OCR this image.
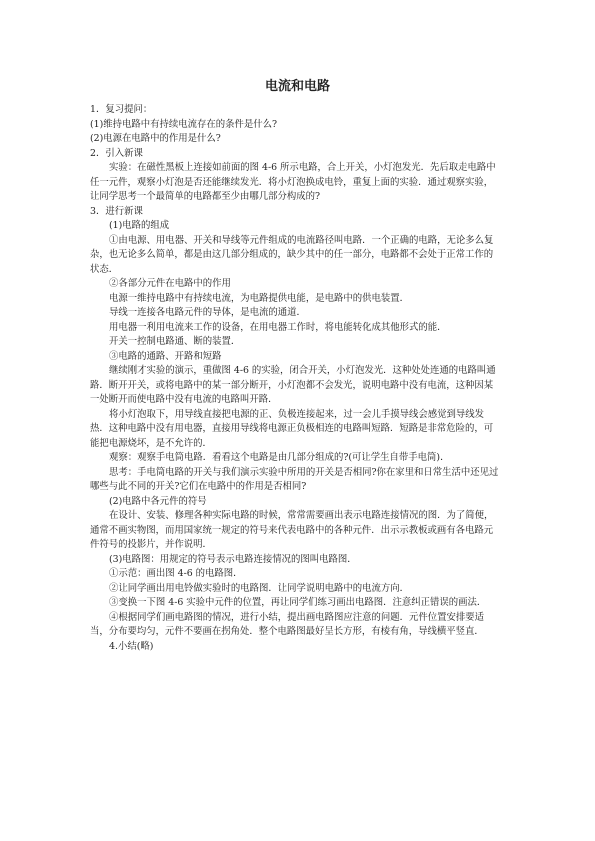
电流和电路

1．复习提问：

(1)维持电路中有持续电流存在的条件是什么?

(2)电源在电路中的作用是什么?

2．引入新课

实验：在磁性黑板上连接如前面的图 4-6 所示电路，合上开关，小灯泡发光．先后取走电路中任一元件，观察小灯泡是否还能继续发光．将小灯泡换成电铃，重复上面的实验．通过观察实验，让同学思考一个最简单的电路都至少由哪几部分构成的?

3．进行新课

(1)电路的组成

①由电源、用电器、开关和导线等元件组成的电流路径叫电路．一个正确的电路，无论多么复杂，也无论多么简单，都是由这几部分组成的，缺少其中的任一部分，电路都不会处于正常工作的状态．

②各部分元件在电路中的作用

电源一维持电路中有持续电流，为电路提供电能，是电路中的供电装置．

导线一连接各电路元件的导体，是电流的通道．

用电器一利用电流来工作的设备，在用电器工作时，将电能转化成其他形式的能．

开关一控制电路通、断的装置．

③电路的通路、开路和短路

继续刚才实验的演示，重做图 4-6 的实验，闭合开关，小灯泡发光．这种处处连通的电路叫通路．断开开关，或将电路中的某一部分断开，小灯泡都不会发光，说明电路中没有电流，这种因某一处断开而使电路中没有电流的电路叫开路．

将小灯泡取下，用导线直接把电源的正、负极连接起来，过一会儿手摸导线会感觉到导线发热．这种电路中没有用电器，直接用导线将电源正负极相连的电路叫短路．短路是非常危险的，可能把电源烧坏，是不允许的．

观察：观察手电筒电路．看看这个电路是由几部分组成的?(可让学生自带手电筒)．

思考：手电筒电路的开关与我们演示实验中所用的开关是否相同?你在家里和日常生活中还见过哪些与此不同的开关?它们在电路中的作用是否相同?

(2)电路中各元件的符号

在设计、安装、修理各种实际电路的时候，常常需要画出表示电路连接情况的图．为了简便，通常不画实物图，而用国家统一规定的符号来代表电路中的各种元件．出示示教板或画有各电路元件符号的投影片，并作说明．

(3)电路图：用规定的符号表示电路连接情况的图叫电路图．

①示范：画出图 4-6 的电路图．

②让同学画出用电铃做实验时的电路图．让同学说明电路中的电流方向．

③变换一下图 4-6 实验中元件的位置，再让同学们练习画出电路图．注意纠正错误的画法．

④根据同学们画电路图的情况，进行小结，提出画电路图应注意的问题．元件位置安排要适当，分布要均匀，元件不要画在拐角处．整个电路图最好呈长方形，有棱有角，导线横平竖直．

4.小结(略)
